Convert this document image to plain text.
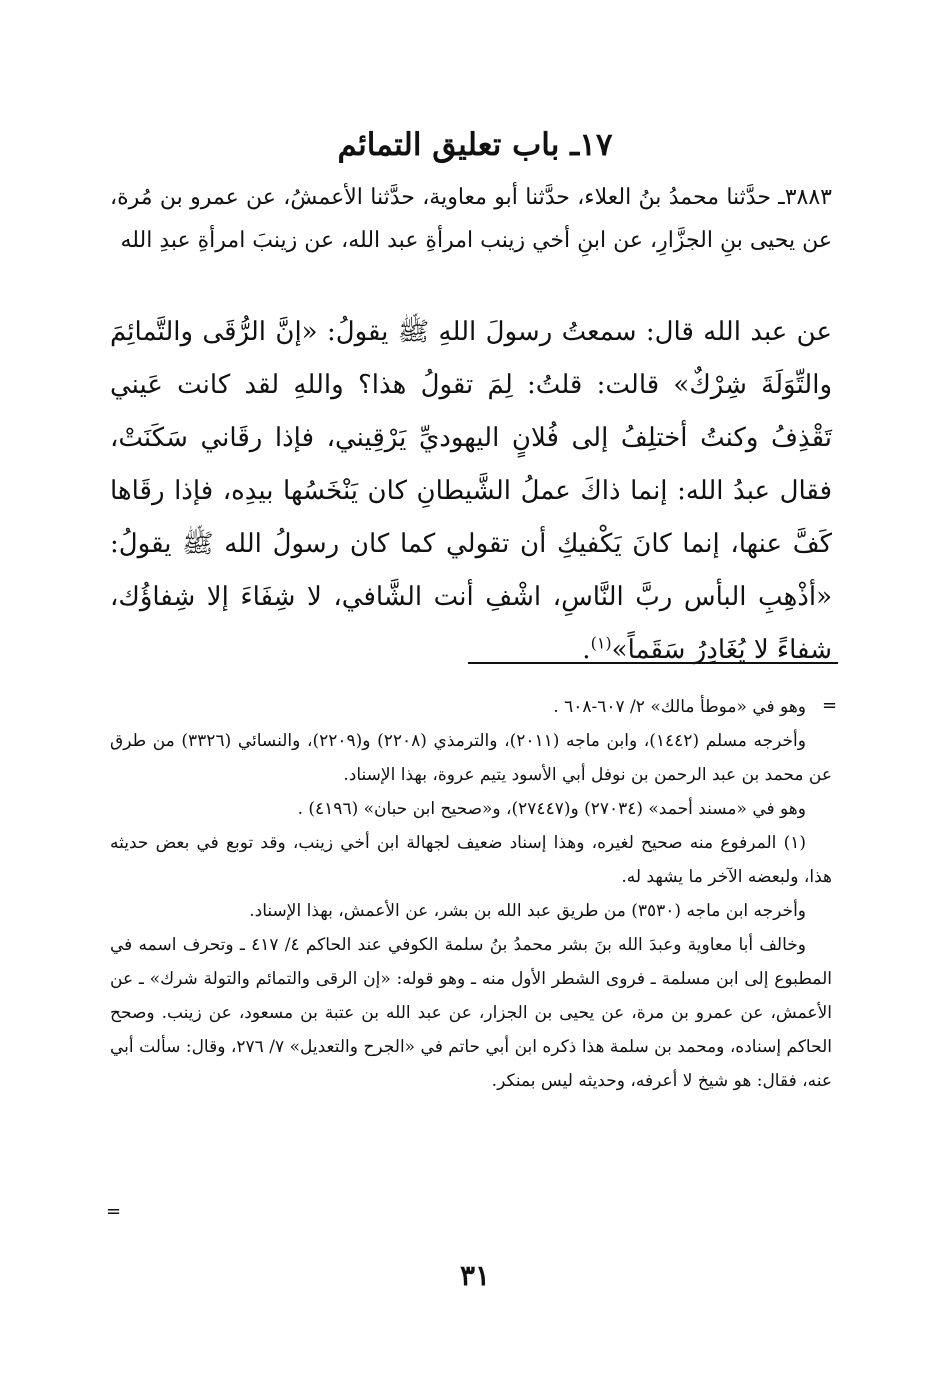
١٧ـ باب تعليق التمائم

٣٨٨٣ـ حدَّثنا محمدُ بنُ العلاء، حدَّثنا أبو معاوية، حدَّثنا الأعمشُ، عن عمرو بن مُرة، عن يحيى بنِ الجزَّارِ، عن ابنِ أخي زينب امرأةِ عبد الله، عن زينبَ امرأةِ عبدِ الله

عن عبد الله قال: سمعتُ رسولَ اللهِ ﷺ يقولُ: «إنَّ الرُّقَى والتَّمائِمَ والتِّوَلَةَ شِرْكٌ» قالت: قلتُ: لِمَ تقولُ هذا؟ واللهِ لقد كانت عَيني تَقْذِفُ وكنتُ أختلِفُ إلى فُلانٍ اليهوديِّ يَرْقِيني، فإذا رقَاني سَكَنَتْ، فقال عبدُ الله: إنما ذاكَ عملُ الشَّيطانِ كان يَنْخَسُها بيدِه، فإذا رقَاها كَفَّ عنها، إنما كانَ يَكْفيكِ أن تقولي كما كان رسولُ الله ﷺ يقولُ: «أذْهِبِ البأس ربَّ النَّاسِ، اشْفِ أنت الشَّافي، لا شِفَاءَ إلا شِفاؤُك، شفاءً لا يُغَادِرُ سَقَماً»$^{(١)}$.

=

وهو في «موطأ مالك» ٢/ ٦٠٧-٦٠٨ .

وأخرجه مسلم (١٤٤٢)، وابن ماجه (٢٠١١)، والترمذي (٢٢٠٨) و(٢٢٠٩)، والنسائي (٣٣٢٦) من طرق عن محمد بن عبد الرحمن بن نوفل أبي الأسود يتيم عروة، بهذا الإسناد.

وهو في «مسند أحمد» (٢٧٠٣٤) و(٢٧٤٤٧)، و«صحيح ابن حبان» (٤١٩٦) .

(١) المرفوع منه صحيح لغيره، وهذا إسناد ضعيف لجهالة ابن أخي زينب، وقد توبع في بعض حديثه هذا، ولبعضه الآخر ما يشهد له.

وأخرجه ابن ماجه (٣٥٣٠) من طريق عبد الله بن بشر، عن الأعمش، بهذا الإسناد.

وخالف أبا معاوية وعبدَ الله بنَ بشر محمدُ بنُ سلمة الكوفي عند الحاكم ٤/ ٤١٧ ـ وتحرف اسمه في المطبوع إلى ابن مسلمة ـ فروى الشطر الأول منه ـ وهو قوله: «إن الرقى والتمائم والتولة شرك» ـ عن الأعمش، عن عمرو بن مرة، عن يحيى بن الجزار، عن عبد الله بن عتبة بن مسعود، عن زينب. وصحح الحاكم إسناده، ومحمد بن سلمة هذا ذكره ابن أبي حاتم في «الجرح والتعديل» ٧/ ٢٧٦، وقال: سألت أبي عنه، فقال: هو شيخ لا أعرفه، وحديثه ليس بمنكر.

=
٣١
